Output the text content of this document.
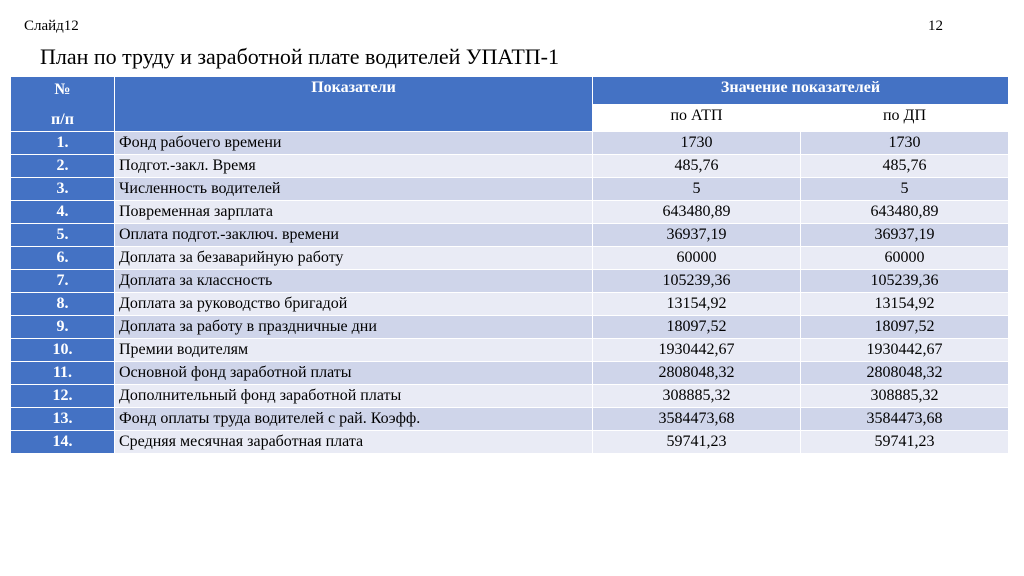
Слайд12	12
План по труду и заработной плате водителей УПАТП-1
№
п/п	Показатели	Значение показателей	
		по АТП	по ДП
1.	Фонд рабочего времени	1730	1730
2.	Подгот.-закл. Время	485,76	485,76
3.	Численность водителей	5	5
4.	Повременная зарплата	643480,89	643480,89
5.	Оплата подгот.-заключ. времени	36937,19	36937,19
6.	Доплата за безаварийную работу	60000	60000
7.	Доплата за классность	105239,36	105239,36
8.	Доплата за руководство бригадой	13154,92	13154,92
9.	Доплата за работу в праздничные дни	18097,52	18097,52
10.	Премии водителям	1930442,67	1930442,67
11.	Основной фонд заработной платы	2808048,32	2808048,32
12.	Дополнительный фонд заработной платы	308885,32	308885,32
13.	Фонд оплаты труда водителей с рай. Коэфф.	3584473,68	3584473,68
14.	Средняя месячная заработная плата	59741,23	59741,23
